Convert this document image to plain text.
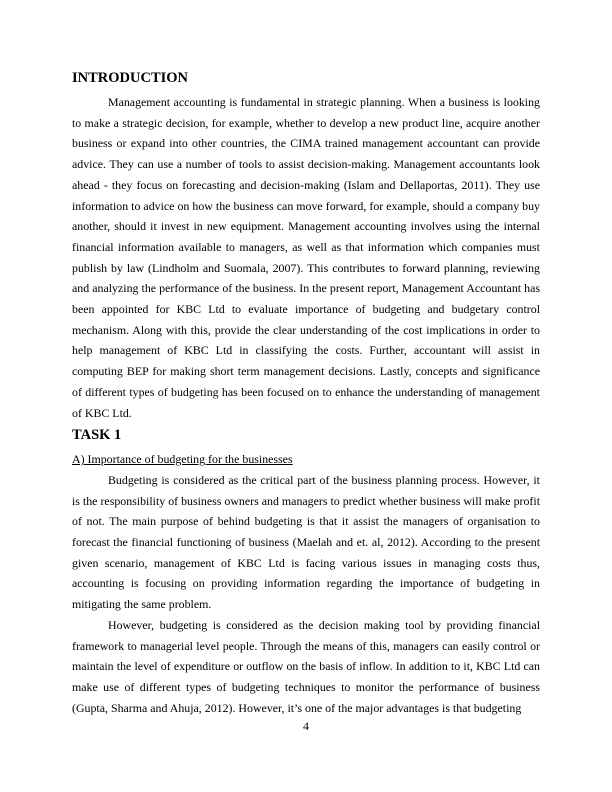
INTRODUCTION

Management accounting is fundamental in strategic planning. When a business is looking to make a strategic decision, for example, whether to develop a new product line, acquire another business or expand into other countries, the CIMA trained management accountant can provide advice. They can use a number of tools to assist decision-making. Management accountants look ahead - they focus on forecasting and decision-making (Islam and Dellaportas, 2011). They use information to advice on how the business can move forward, for example, should a company buy another, should it invest in new equipment. Management accounting involves using the internal financial information available to managers, as well as that information which companies must publish by law (Lindholm and Suomala, 2007). This contributes to forward planning, reviewing and analyzing the performance of the business. In the present report, Management Accountant has been appointed for KBC Ltd to evaluate importance of budgeting and budgetary control mechanism. Along with this, provide the clear understanding of the cost implications in order to help management of KBC Ltd in classifying the costs. Further, accountant will assist in computing BEP for making short term management decisions. Lastly, concepts and significance of different types of budgeting has been focused on to enhance the understanding of management of KBC Ltd.

TASK 1

A) Importance of budgeting for the businesses

Budgeting is considered as the critical part of the business planning process. However, it is the responsibility of business owners and managers to predict whether business will make profit of not. The main purpose of behind budgeting is that it assist the managers of organisation to forecast the financial functioning of business (Maelah and et. al, 2012). According to the present given scenario, management of KBC Ltd is facing various issues in managing costs thus, accounting is focusing on providing information regarding the importance of budgeting in mitigating the same problem.

However, budgeting is considered as the decision making tool by providing financial framework to managerial level people. Through the means of this, managers can easily control or maintain the level of expenditure or outflow on the basis of inflow. In addition to it, KBC Ltd can make use of different types of budgeting techniques to monitor the performance of business (Gupta, Sharma and Ahuja, 2012). However, it’s one of the major advantages is that budgeting

4
